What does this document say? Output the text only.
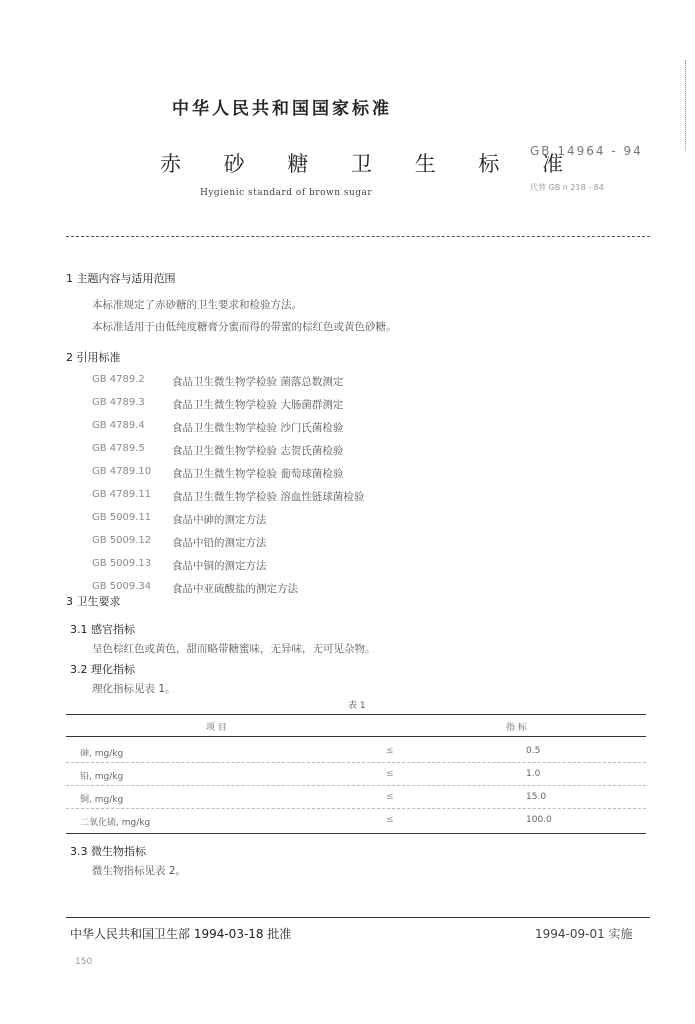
中华人民共和国国家标准
赤 砂 糖 卫 生 标 准
Hygienic standard of brown sugar
GB 14964 - 94
代替 GB n 218 - 84
1 主题内容与适用范围
本标准规定了赤砂糖的卫生要求和检验方法。
本标准适用于由低纯度糖膏分蜜而得的带蜜的棕红色或黄色砂糖。
2 引用标准
GB 4789.2	食品卫生微生物学检验 菌落总数测定
GB 4789.3	食品卫生微生物学检验 大肠菌群测定
GB 4789.4	食品卫生微生物学检验 沙门氏菌检验
GB 4789.5	食品卫生微生物学检验 志贺氏菌检验
GB 4789.10 食品卫生微生物学检验 葡萄球菌检验
GB 4789.11 食品卫生微生物学检验 溶血性链球菌检验
GB 5009.11 食品中砷的测定方法
GB 5009.12 食品中铅的测定方法
GB 5009.13 食品中铜的测定方法
GB 5009.34 食品中亚硫酸盐的测定方法
3 卫生要求
3.1 感官指标
呈色棕红色或黄色，甜而略带糖蜜味，无异味，无可见杂物。
3.2 理化指标
理化指标见表 1。
表 1
项 目	指 标
砷, mg/kg	≤	0.5
铅, mg/kg	≤	1.0
铜, mg/kg	≤	15.0
二氧化硫, mg/kg	≤	100.0
3.3 微生物指标
微生物指标见表 2。
中华人民共和国卫生部 1994-03-18 批准	1994-09-01 实施
150
